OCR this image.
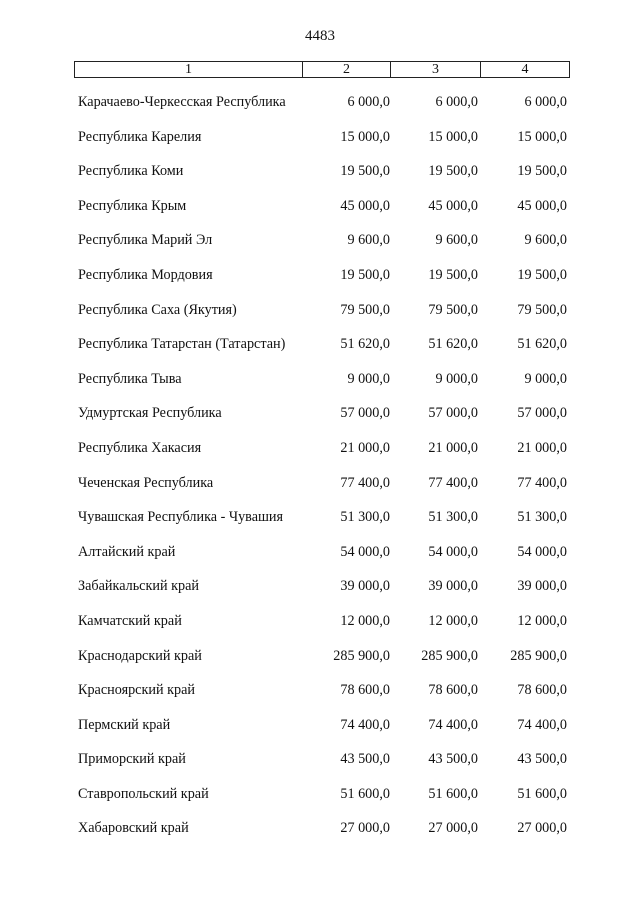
4483
1	2	3	4
Карачаево-Черкесская Республика	6 000,0	6 000,0	6 000,0
Республика Карелия	15 000,0	15 000,0	15 000,0
Республика Коми	19 500,0	19 500,0	19 500,0
Республика Крым	45 000,0	45 000,0	45 000,0
Республика Марий Эл	9 600,0	9 600,0	9 600,0
Республика Мордовия	19 500,0	19 500,0	19 500,0
Республика Саха (Якутия)	79 500,0	79 500,0	79 500,0
Республика Татарстан (Татарстан)	51 620,0	51 620,0	51 620,0
Республика Тыва	9 000,0	9 000,0	9 000,0
Удмуртская Республика	57 000,0	57 000,0	57 000,0
Республика Хакасия	21 000,0	21 000,0	21 000,0
Чеченская Республика	77 400,0	77 400,0	77 400,0
Чувашская Республика - Чувашия	51 300,0	51 300,0	51 300,0
Алтайский край	54 000,0	54 000,0	54 000,0
Забайкальский край	39 000,0	39 000,0	39 000,0
Камчатский край	12 000,0	12 000,0	12 000,0
Краснодарский край	285 900,0	285 900,0	285 900,0
Красноярский край	78 600,0	78 600,0	78 600,0
Пермский край	74 400,0	74 400,0	74 400,0
Приморский край	43 500,0	43 500,0	43 500,0
Ставропольский край	51 600,0	51 600,0	51 600,0
Хабаровский край	27 000,0	27 000,0	27 000,0
